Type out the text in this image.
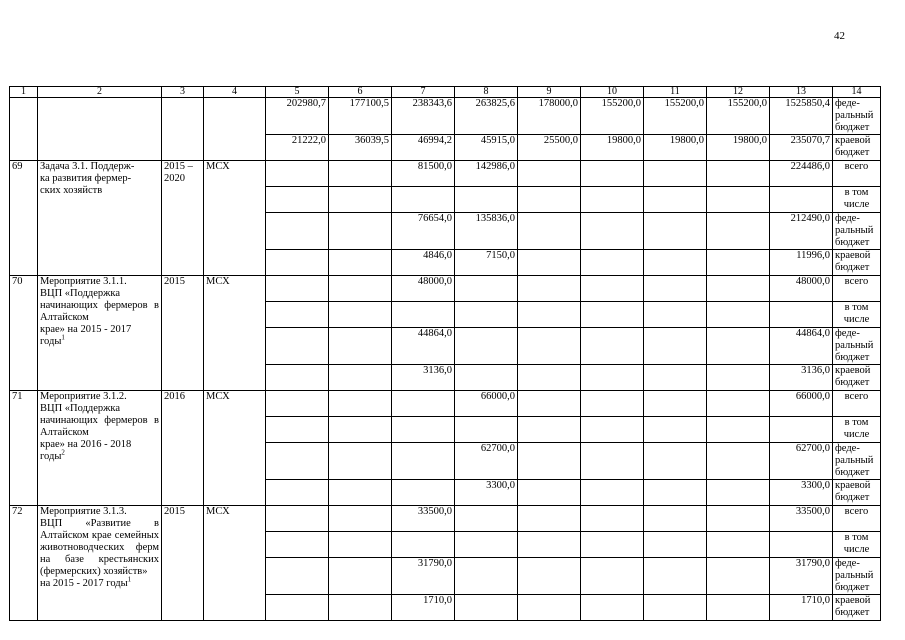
42
1	2	3	4	5	6	7	8	9	10	11	12	13	14
				202980,7	177100,5	238343,6	263825,6	178000,0	155200,0	155200,0	155200,0	1525850,4	феде-
ральный
бюджет
				21222,0	36039,5	46994,2	45915,0	25500,0	19800,0	19800,0	19800,0	235070,7	краевой
бюджет
69	Задача 3.1. Поддерж-
ка развития фермер-
ских хозяйств	2015 –
2020	МСХ			81500,0	142986,0					224486,0	всего
													в том
числе
						76654,0	135836,0					212490,0	феде-
ральный
бюджет
						4846,0	7150,0					11996,0	краевой
бюджет
70	Мероприятие 3.1.1.
ВЦП «Поддержка
начинающих фермеров в Алтайском
крае» на 2015 - 2017
годы$^1$	2015	МСХ			48000,0						48000,0	всего
													в том
числе
						44864,0						44864,0	феде-
ральный
бюджет
						3136,0						3136,0	краевой
бюджет
71	Мероприятие 3.1.2.
ВЦП «Поддержка
начинающих фермеров в Алтайском
крае» на 2016 - 2018
годы$^2$	2016	МСХ				66000,0					66000,0	всего
													в том
числе
							62700,0					62700,0	феде-
ральный
бюджет
							3300,0					3300,0	краевой
бюджет
72	Мероприятие 3.1.3.
ВЦП «Развитие в Алтайском крае семейных животноводческих ферм на базе крестьянских (фермерских) хозяйств»
на 2015 - 2017 годы$^1$	2015	МСХ			33500,0						33500,0	всего
													в том
числе
						31790,0						31790,0	феде-
ральный
бюджет
						1710,0						1710,0	краевой
бюджет
